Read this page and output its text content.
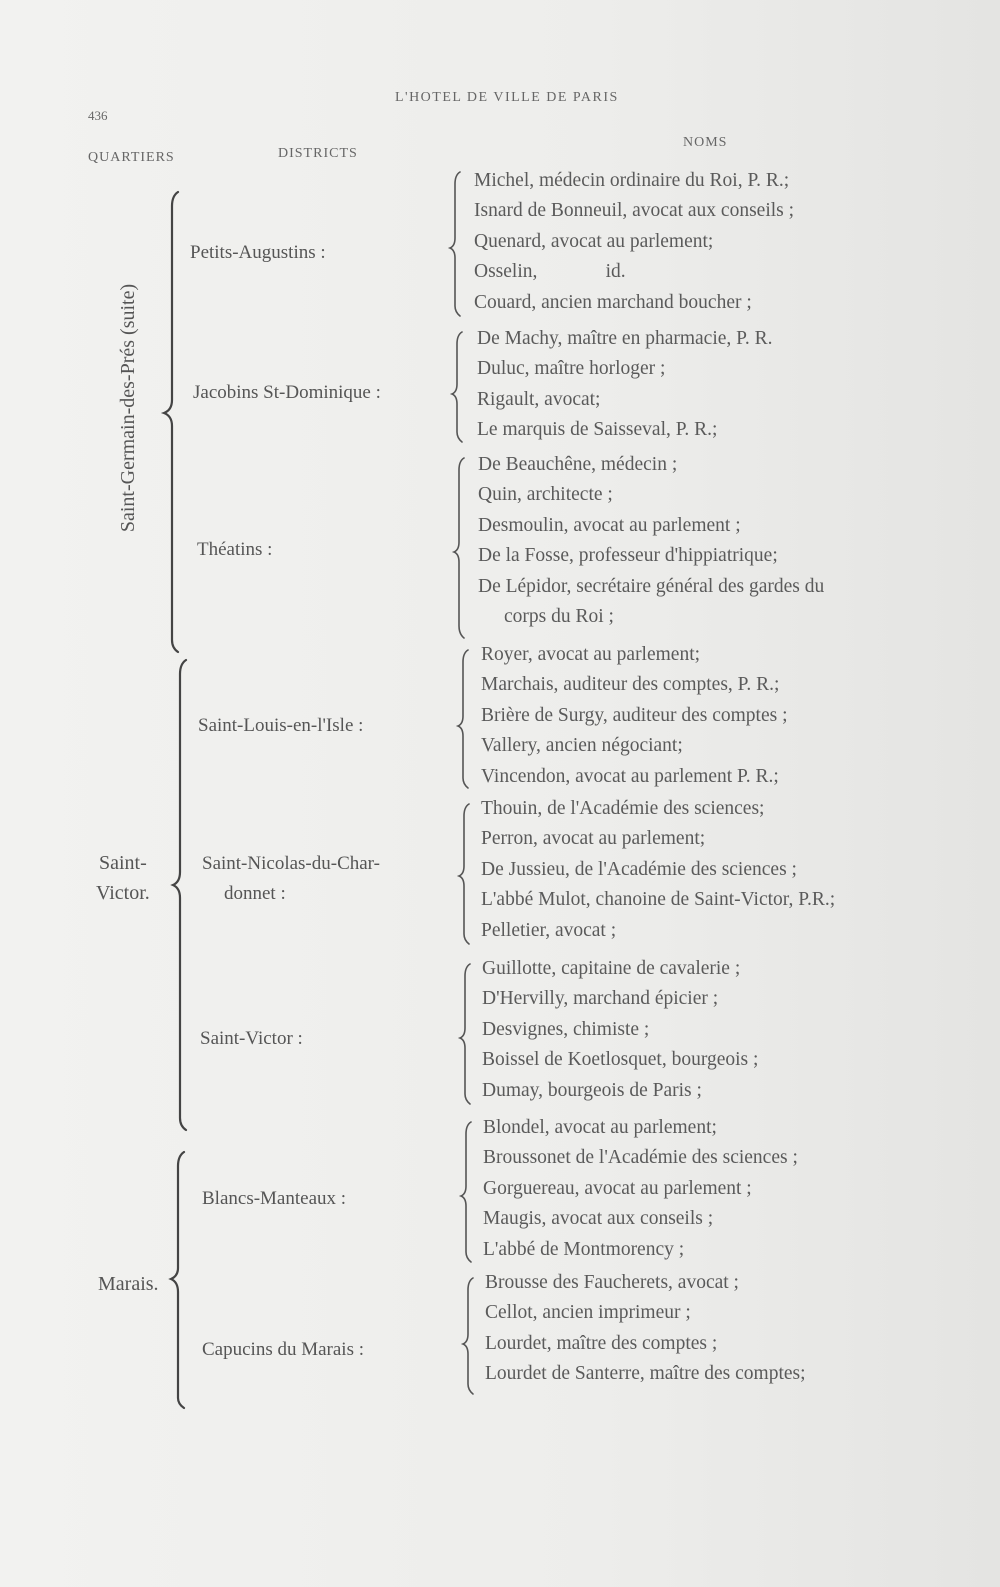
436
L'HOTEL DE VILLE DE PARIS
QUARTIERS	DISTRICTS
NOMS
Saint-Germain-des-Prés (suite)
Saint-
Victor.
Marais.
Petits-Augustins :
Jacobins St-Dominique :
Théatins :
Saint-Louis-en-l'Isle :
Saint-Nicolas-du-Char-
donnet :
Saint-Victor :
Blancs-Manteaux :
Capucins du Marais :
Michel, médecin ordinaire du Roi, P. R.;
Isnard de Bonneuil, avocat aux conseils ;
Quenard, avocat au parlement;
Osselin,              id.
Couard, ancien marchand boucher ;
De Machy, maître en pharmacie, P. R.
Duluc, maître horloger ;
Rigault, avocat;
Le marquis de Saisseval, P. R.;
De Beauchêne, médecin ;
Quin, architecte ;
Desmoulin, avocat au parlement ;
De la Fosse, professeur d'hippiatrique;
De Lépidor, secrétaire général des gardes du
corps du Roi ;
Royer, avocat au parlement;
Marchais, auditeur des comptes, P. R.;
Brière de Surgy, auditeur des comptes ;
Vallery, ancien négociant;
Vincendon, avocat au parlement P. R.;
Thouin, de l'Académie des sciences;
Perron, avocat au parlement;
De Jussieu, de l'Académie des sciences ;
L'abbé Mulot, chanoine de Saint-Victor, P.R.;
Pelletier, avocat ;
Guillotte, capitaine de cavalerie ;
D'Hervilly, marchand épicier ;
Desvignes, chimiste ;
Boissel de Koetlosquet, bourgeois ;
Dumay, bourgeois de Paris ;
Blondel, avocat au parlement;
Broussonet de l'Académie des sciences ;
Gorguereau, avocat au parlement ;
Maugis, avocat aux conseils ;
L'abbé de Montmorency ;
Brousse des Faucherets, avocat ;
Cellot, ancien imprimeur ;
Lourdet, maître des comptes ;
Lourdet de Santerre, maître des comptes;
